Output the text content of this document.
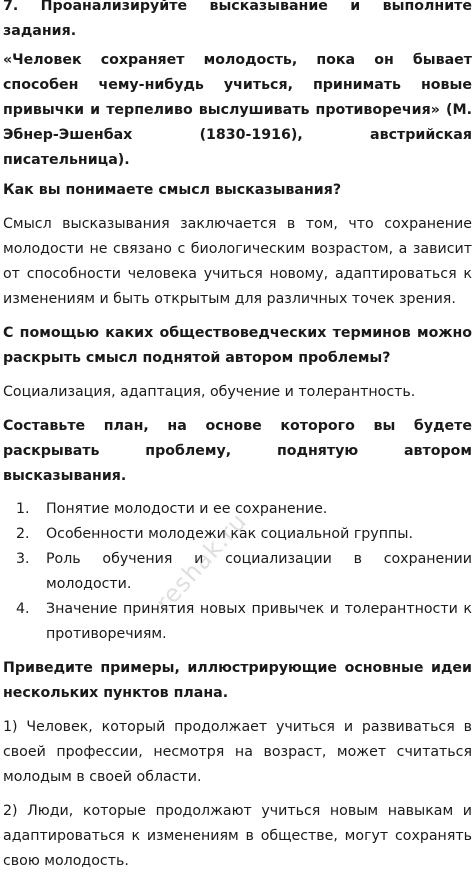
7. Проанализируйте высказывание и выполните задания.

«Человек сохраняет молодость, пока он бывает способен чему-нибудь учиться, принимать новые привычки и терпеливо выслушивать противоречия» (М. Эбнер-Эшенбах (1830-1916), австрийская писательница).

Как вы понимаете смысл высказывания?

Смысл высказывания заключается в том, что сохранение молодости не связано с биологическим возрастом, а зависит от способности человека учиться новому, адаптироваться к изменениям и быть открытым для различных точек зрения.

С помощью каких обществоведческих терминов можно раскрыть смысл поднятой автором проблемы?

Социализация, адаптация, обучение и толерантность.

Составьте план, на основе которого вы будете раскрывать проблему, поднятую автором высказывания.

1.	Понятие молодости и ее сохранение.
2.	Особенности молодежи как социальной группы.
3.	Роль обучения и социализации в сохранении молодости.
4.	Значение принятия новых привычек и толерантности к противоречиям.

Приведите примеры, иллюстрирующие основные идеи нескольких пунктов плана.

1) Человек, который продолжает учиться и развиваться в своей профессии, несмотря на возраст, может считаться молодым в своей области.

2) Люди, которые продолжают учиться новым навыкам и адаптироваться к изменениям в обществе, могут сохранять свою молодость.

reshak.ru
